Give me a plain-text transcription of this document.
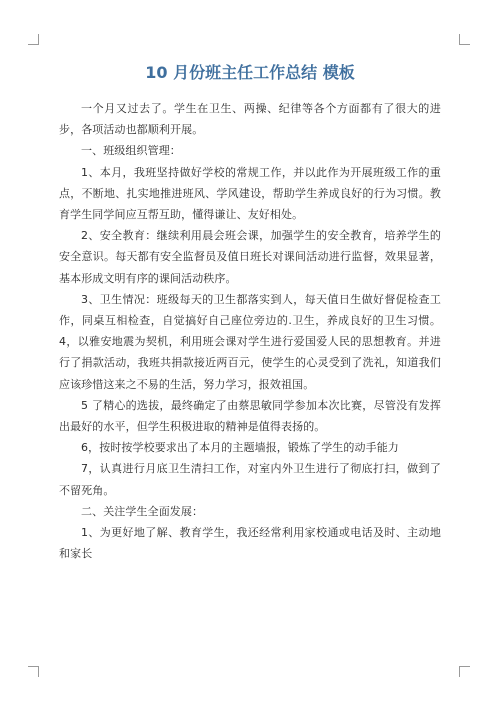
10 月份班主任工作总结 模板

一个月又过去了。学生在卫生、两操、纪律等各个方面都有了很大的进步，各项活动也都顺利开展。

一、班级组织管理：

1、本月，我班坚持做好学校的常规工作，并以此作为开展班级工作的重点，不断地、扎实地推进班风、学风建设，帮助学生养成良好的行为习惯。教育学生同学间应互帮互助，懂得谦让、友好相处。

2、安全教育：继续利用晨会班会课，加强学生的安全教育，培养学生的安全意识。每天都有安全监督员及值日班长对课间活动进行监督，效果显著，基本形成文明有序的课间活动秩序。

3、卫生情况：班级每天的卫生都落实到人，每天值日生做好督促检查工作，同桌互相检查，自觉搞好自己座位旁边的.卫生，养成良好的卫生习惯。4，以雅安地震为契机，利用班会课对学生进行爱国爱人民的思想教育。并进行了捐款活动，我班共捐款接近两百元，使学生的心灵受到了洗礼，知道我们应该珍惜这来之不易的生活，努力学习，报效祖国。

5 了精心的选拔，最终确定了由蔡思敏同学参加本次比赛，尽管没有发挥出最好的水平，但学生积极进取的精神是值得表扬的。

6，按时按学校要求出了本月的主题墙报，锻炼了学生的动手能力

7，认真进行月底卫生清扫工作，对室内外卫生进行了彻底打扫，做到了不留死角。

二、关注学生全面发展：

1、为更好地了解、教育学生，我还经常利用家校通或电话及时、主动地和家长
